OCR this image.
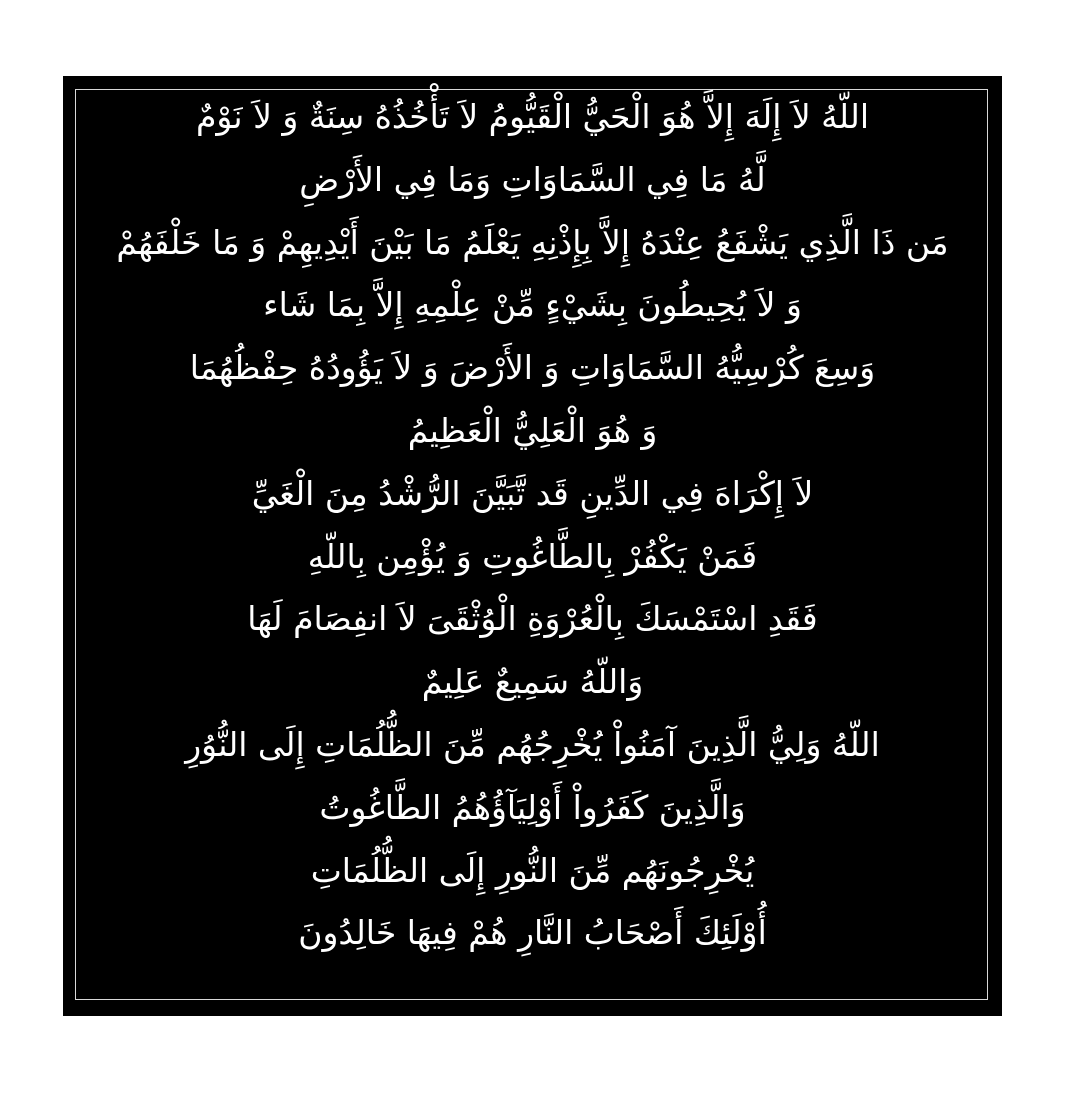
اللّهُ لاَ إِلَهَ إِلاَّ هُوَ الْحَيُّ الْقَيُّومُ لاَ تَأْخُذُهُ سِنَةٌ وَ لاَ نَوْمٌ
لَّهُ مَا فِي السَّمَاوَاتِ وَمَا فِي الأَرْضِ
مَن ذَا الَّذِي يَشْفَعُ عِنْدَهُ إِلاَّ بِإِذْنِهِ يَعْلَمُ مَا بَيْنَ أَيْدِيهِمْ وَ مَا خَلْفَهُمْ
وَ لاَ يُحِيطُونَ بِشَيْءٍ مِّنْ عِلْمِهِ إِلاَّ بِمَا شَاء
وَسِعَ كُرْسِيُّهُ السَّمَاوَاتِ وَ الأَرْضَ وَ لاَ يَؤُودُهُ حِفْظُهُمَا
وَ هُوَ الْعَلِيُّ الْعَظِيمُ
لاَ إِكْرَاهَ فِي الدِّينِ قَد تَّبَيَّنَ الرُّشْدُ مِنَ الْغَيِّ
فَمَنْ يَكْفُرْ بِالطَّاغُوتِ وَ يُؤْمِن بِاللّهِ
فَقَدِ اسْتَمْسَكَ بِالْعُرْوَةِ الْوُثْقَىَ لاَ انفِصَامَ لَهَا
وَاللّهُ سَمِيعٌ عَلِيمٌ
اللّهُ وَلِيُّ الَّذِينَ آمَنُواْ يُخْرِجُهُم مِّنَ الظُّلُمَاتِ إِلَى النُّوُرِ
وَالَّذِينَ كَفَرُواْ أَوْلِيَآؤُهُمُ الطَّاغُوتُ
يُخْرِجُونَهُم مِّنَ النُّورِ إِلَى الظُّلُمَاتِ
أُوْلَئِكَ أَصْحَابُ النَّارِ هُمْ فِيهَا خَالِدُونَ
